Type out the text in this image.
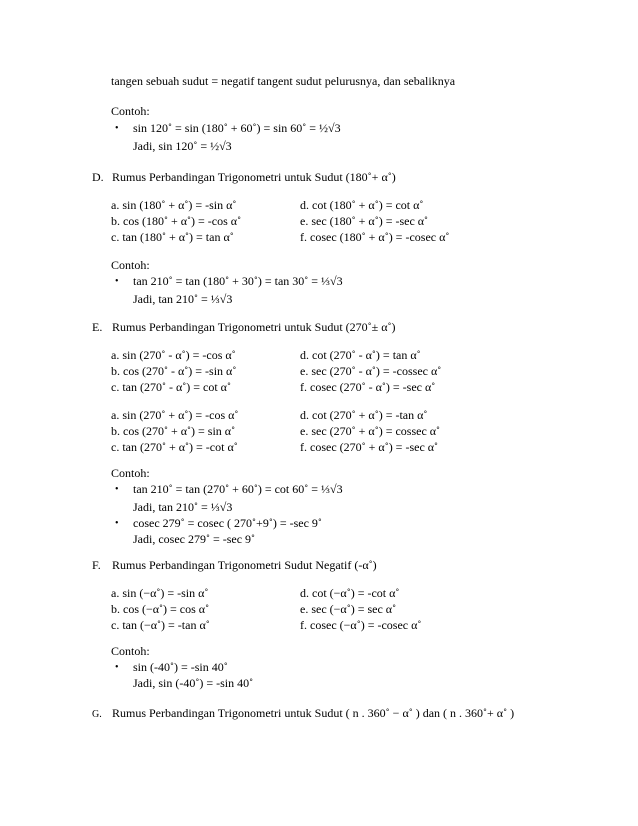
tangen sebuah sudut = negatif tangent sudut pelurusnya, dan sebaliknya
Contoh:
• sin 120˚ = sin (180˚ + 60˚) = sin 60˚ = ½√3
Jadi, sin 120˚ = ½√3
D. Rumus Perbandingan Trigonometri untuk Sudut (180˚+ α˚)
a. sin (180˚ + α˚) = -sin α˚
b. cos (180˚ + α˚) = -cos α˚
c. tan (180˚ + α˚) = tan α˚
d. cot (180˚ + α˚) = cot α˚
e. sec (180˚ + α˚) = -sec α˚
f. cosec (180˚ + α˚) = -cosec α˚
Contoh:
• tan 210˚ = tan (180˚ + 30˚) = tan 30˚ = ⅓√3
Jadi, tan 210˚ = ⅓√3
E. Rumus Perbandingan Trigonometri untuk Sudut (270˚± α˚)
a. sin (270˚ - α˚) = -cos α˚
b. cos (270˚ - α˚) = -sin α˚
c. tan (270˚ - α˚) = cot α˚
d. cot (270˚ - α˚) = tan α˚
e. sec (270˚ - α˚) = -cossec α˚
f. cosec (270˚ - α˚) = -sec α˚
a. sin (270˚ + α˚) = -cos α˚
b. cos (270˚ + α˚) = sin α˚
c. tan (270˚ + α˚) = -cot α˚
d. cot (270˚ + α˚) = -tan α˚
e. sec (270˚ + α˚) = cossec α˚
f. cosec (270˚ + α˚) = -sec α˚
Contoh:
• tan 210˚ = tan (270˚ + 60˚) = cot 60˚ = ⅓√3
Jadi, tan 210˚ = ⅓√3
• cosec 279˚ = cosec ( 270˚+9˚) = -sec 9˚
Jadi, cosec 279˚ = -sec 9˚
F. Rumus Perbandingan Trigonometri Sudut Negatif (-α˚)
a. sin (−α˚) = -sin α˚
b. cos (−α˚) = cos α˚
c. tan (−α˚) = -tan α˚
d. cot (−α˚) = -cot α˚
e. sec (−α˚) = sec α˚
f. cosec (−α˚) = -cosec α˚
Contoh:
• sin (-40˚) = -sin 40˚
Jadi, sin (-40˚) = -sin 40˚
G. Rumus Perbandingan Trigonometri untuk Sudut ( n . 360˚ − α˚ ) dan ( n . 360˚+ α˚ )
